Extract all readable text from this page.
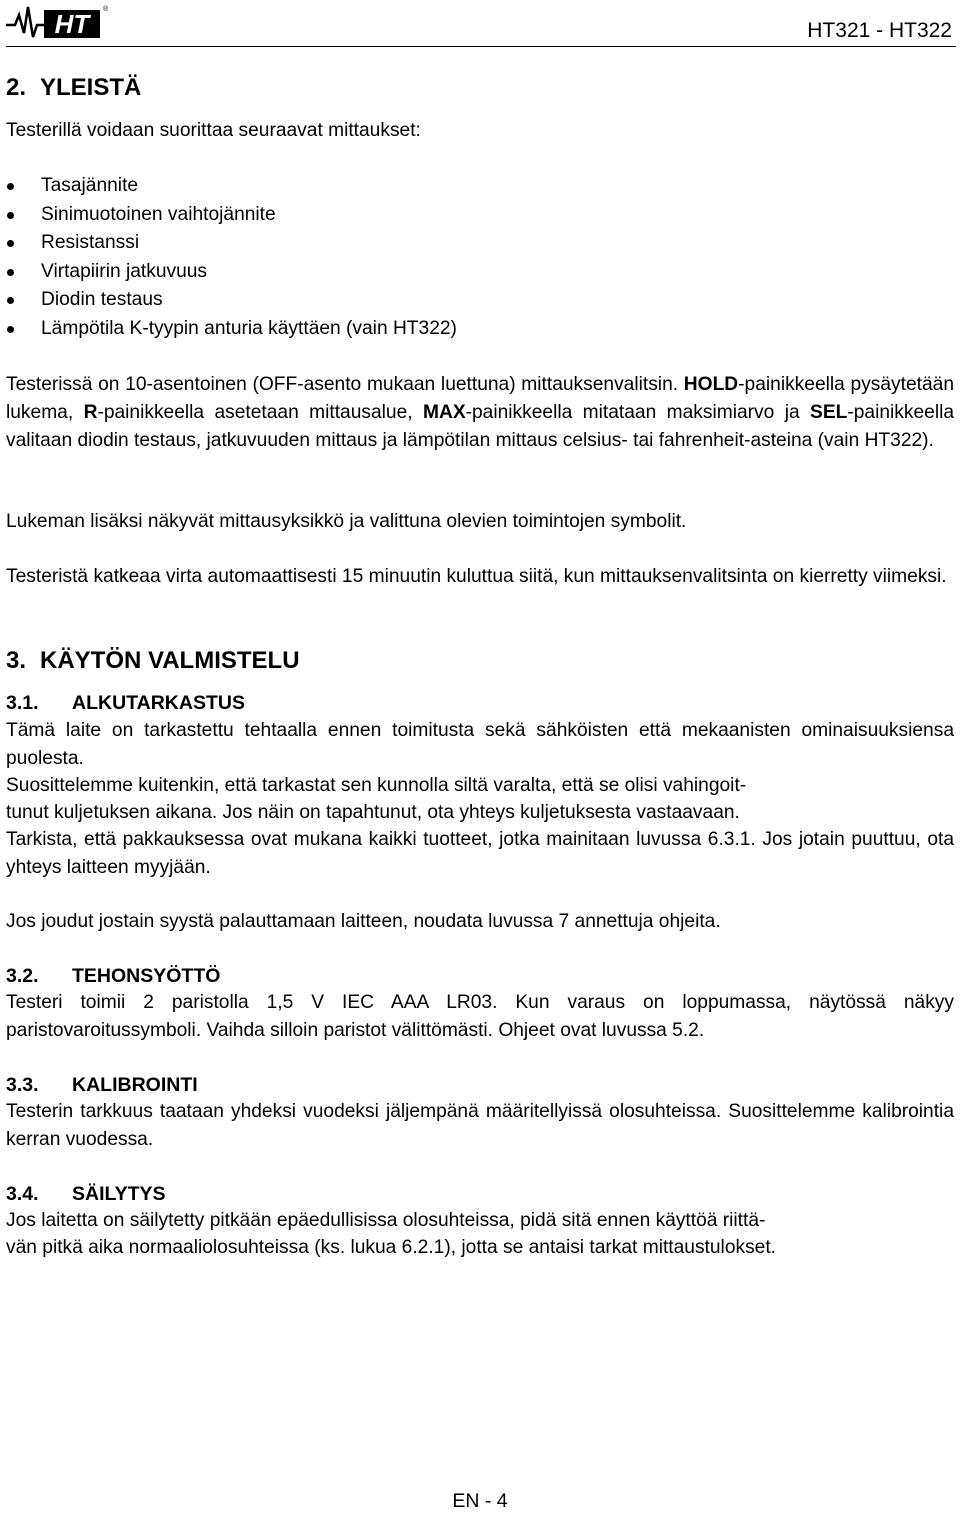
HT	®
HT321 - HT322
2. YLEISTÄ

Testerillä voidaan suorittaa seuraavat mittaukset:

Tasajännite
Sinimuotoinen vaihtojännite
Resistanssi
Virtapiirin jatkuvuus
Diodin testaus
Lämpötila K-tyypin anturia käyttäen (vain HT322)

Testerissä on 10-asentoinen (OFF-asento mukaan luettuna) mittauksenvalitsin. HOLD-painikkeella pysäytetään lukema, R-painikkeella asetetaan mittausalue, MAX-painikkeella mitataan maksimiarvo ja SEL-painikkeella valitaan diodin testaus, jatkuvuuden mittaus ja lämpötilan mittaus celsius- tai fahrenheit-asteina (vain HT322).

Lukeman lisäksi näkyvät mittausyksikkö ja valittuna olevien toimintojen symbolit.

Testeristä katkeaa virta automaattisesti 15 minuutin kuluttua siitä, kun mittauksenvalitsinta on kierretty viimeksi.

3. KÄYTÖN VALMISTELU
3.1. ALKUTARKASTUS

Tämä laite on tarkastettu tehtaalla ennen toimitusta sekä sähköisten että mekaanisten ominaisuuksiensa puolesta.

Suosittelemme kuitenkin, että tarkastat sen kunnolla siltä varalta, että se olisi vahingoit-

tunut kuljetuksen aikana. Jos näin on tapahtunut, ota yhteys kuljetuksesta vastaavaan.

Tarkista, että pakkauksessa ovat mukana kaikki tuotteet, jotka mainitaan luvussa 6.3.1. Jos jotain puuttuu, ota yhteys laitteen myyjään.

Jos joudut jostain syystä palauttamaan laitteen, noudata luvussa 7 annettuja ohjeita.

3.2. TEHONSYÖTTÖ

Testeri toimii 2 paristolla 1,5 V IEC AAA LR03. Kun varaus on loppumassa, näytössä näkyy paristovaroitussymboli. Vaihda silloin paristot välittömästi. Ohjeet ovat luvussa 5.2.

3.3. KALIBROINTI

Testerin tarkkuus taataan yhdeksi vuodeksi jäljempänä määritellyissä olosuhteissa. Suosittelemme kalibrointia kerran vuodessa.

3.4. SÄILYTYS

Jos laitetta on säilytetty pitkään epäedullisissa olosuhteissa, pidä sitä ennen käyttöä riittä-

vän pitkä aika normaaliolosuhteissa (ks. lukua 6.2.1), jotta se antaisi tarkat mittaustulokset.

EN - 4
